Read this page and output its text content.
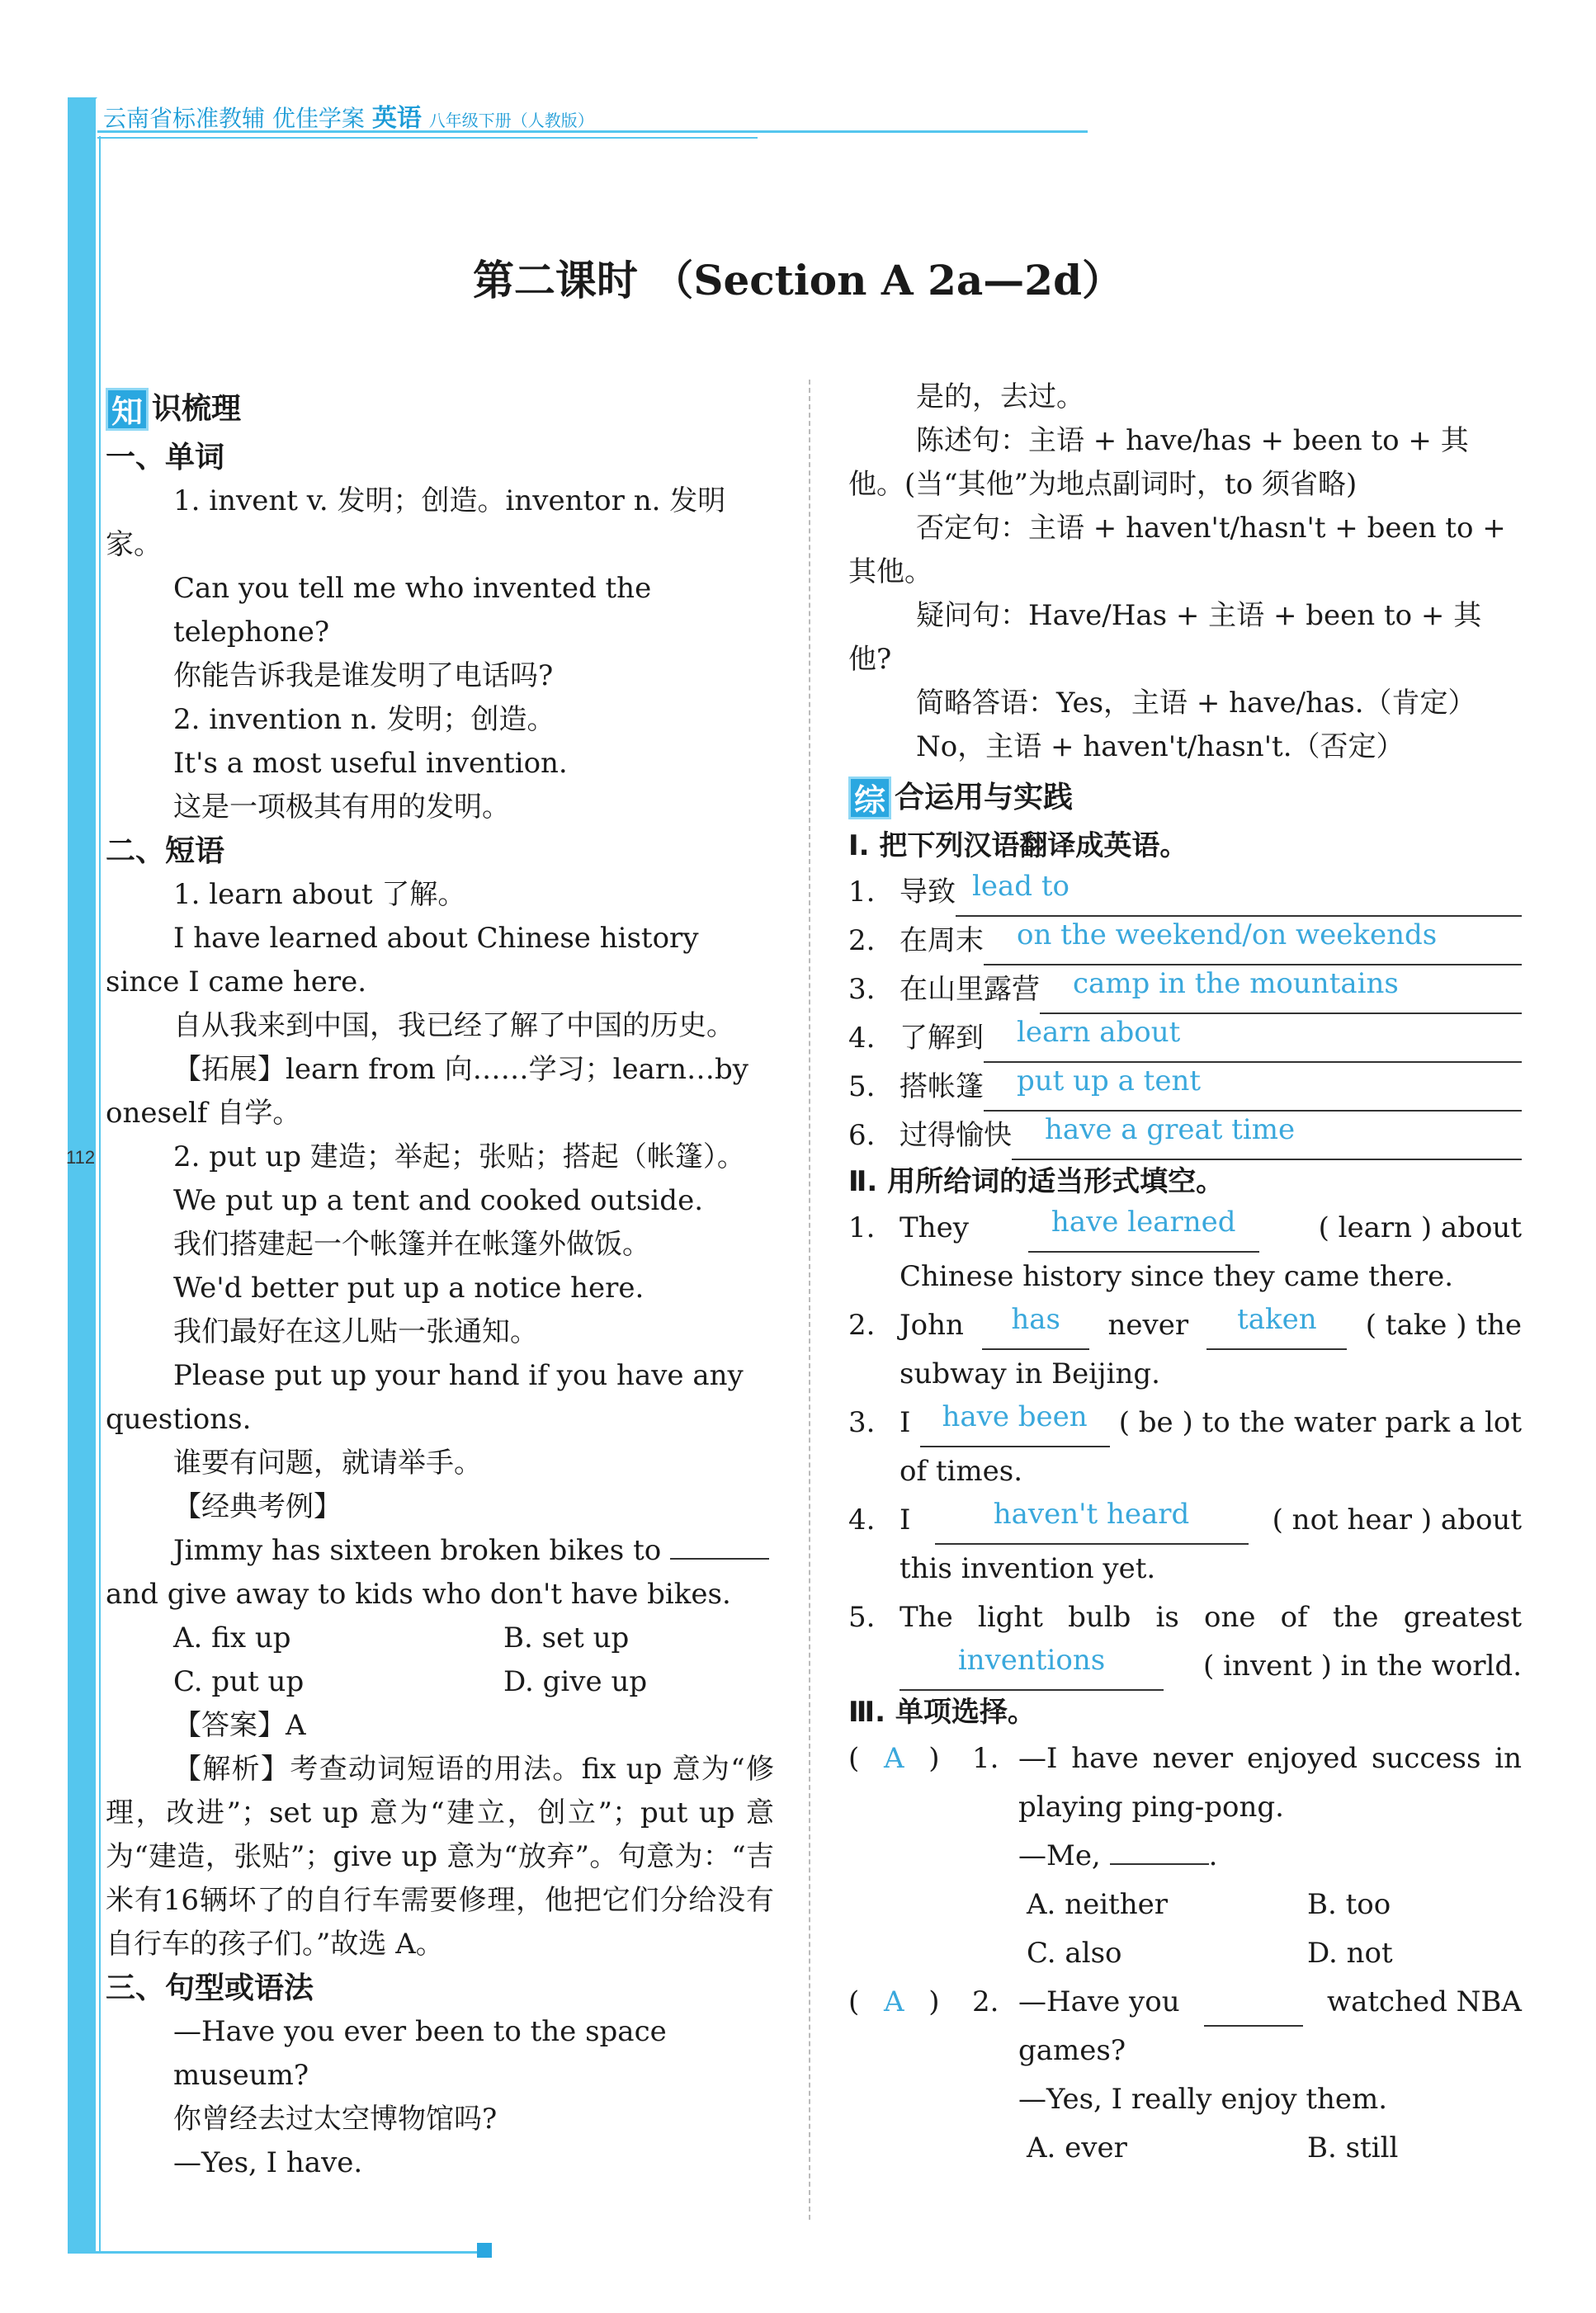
云南省标准教辅 优佳学案 英语 八年级下册（人教版）
112
第二课时 （Section A 2a—2d）
知 识梳理

一、单词

1. invent v. 发明；创造。inventor n. 发明家。

Can you tell me who invented the telephone?

你能告诉我是谁发明了电话吗?

2. invention n. 发明；创造。

It's a most useful invention.

这是一项极其有用的发明。

二、短语

1. learn about 了解。

I have learned about Chinese history since I came here.

自从我来到中国，我已经了解了中国的历史。

【拓展】learn from 向……学习；learn…by oneself 自学。

2. put up 建造；举起；张贴；搭起（帐篷）。

We put up a tent and cooked outside.

我们搭建起一个帐篷并在帐篷外做饭。

We'd better put up a notice here.

我们最好在这儿贴一张通知。

Please put up your hand if you have any questions.

谁要有问题，就请举手。

【经典考例】

Jimmy has sixteen broken bikes to  and give away to kids who don't have bikes.

A. fix up	B. set up
C. put up	D. give up

【答案】A

【解析】考查动词短语的用法。fix up 意为“修理，改进”；set up 意为“建立，创立”；put up 意为“建造，张贴”；give up 意为“放弃”。句意为：“吉米有16辆坏了的自行车需要修理，他把它们分给没有自行车的孩子们。”故选 A。

三、句型或语法

—Have you ever been to the space museum?

你曾经去过太空博物馆吗?

—Yes, I have.

是的，去过。

陈述句：主语 + have/has + been to + 其他。(当“其他”为地点副词时，to 须省略)

否定句：主语 + haven't/hasn't + been to + 其他。

疑问句：Have/Has + 主语 + been to + 其他?

简略答语：Yes，主语 + have/has.（肯定）

No，主语 + haven't/hasn't.（否定）

综 合运用与实践

Ⅰ. 把下列汉语翻译成英语。

1. 导致 lead to
2. 在周末	on the weekend/on weekends
3. 在山里露营	camp in the mountains
4. 了解到	learn about
5. 搭帐篷	put up a tent
6. 过得愉快	have a great time

Ⅱ. 用所给词的适当形式填空。

1. They	have learned	( learn ) about
Chinese history since they came there.
2. John	has	never	taken	( take ) the
subway in Beijing.
3. I	have been	( be ) to the water park a lot
of times.
4. I	haven't heard	( not hear ) about
this invention yet.
5. The light bulb is one of the greatest
inventions	( invent ) in the world.

Ⅲ. 单项选择。

( A )	1. —I have never enjoyed success in
playing ping-pong.
—Me,	.
A. neither	B. too
C. also	D. not
( A )	2. —Have you	watched NBA
games?
—Yes, I really enjoy them.
A. ever	B. still
